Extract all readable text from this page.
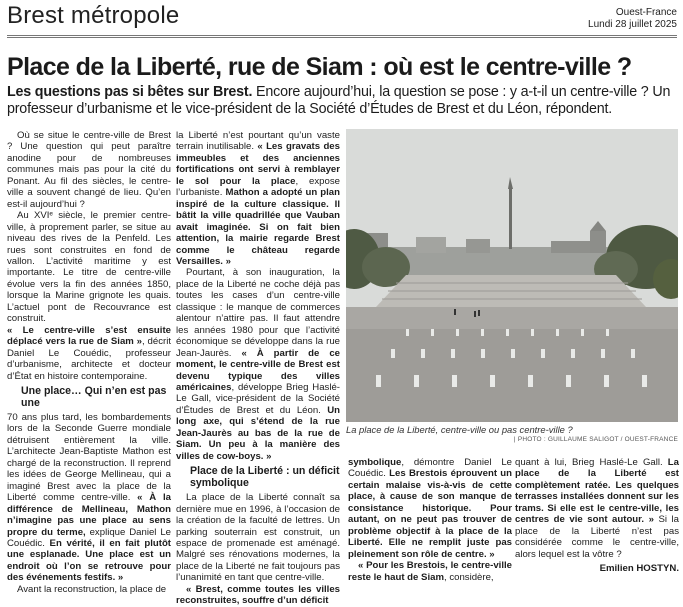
Brest métropole	Ouest-France
Lundi 28 juillet 2025
Place de la Liberté, rue de Siam : où est le centre-ville ?

Les questions pas si bêtes sur Brest. Encore aujourd’hui, la question se pose : y a-t-il un centre-ville ? Un professeur d’urbanisme et le vice-président de la Société d’Études de Brest et du Léon, répondent.

Où se situe le centre-ville de Brest ? Une question qui peut paraître anodine pour de nombreuses communes mais pas pour la cité du Ponant. Au fil des siècles, le centre-ville a souvent changé de lieu. Qu’en est-il aujourd’hui ?

Au XVIᵉ siècle, le premier centre-ville, à proprement parler, se situe au niveau des rives de la Penfeld. Les rues sont construites en fond de vallon. L’activité maritime y est importante. Le titre de centre-ville évolue vers la fin des années 1850, lorsque la Marine grignote les quais. L’actuel pont de Recouvrance est construit.

« Le centre-ville s’est ensuite déplacé vers la rue de Siam », décrit Daniel Le Couédic, professeur d’urbanisme, architecte et docteur d’État en histoire contemporaine.

Une place… Qui n’en est pas une

70 ans plus tard, les bombardements lors de la Seconde Guerre mondiale détruisent entièrement la ville. L’architecte Jean-Baptiste Mathon est chargé de la reconstruction. Il reprend les idées de George Mellineau, qui a imaginé Brest avec la place de la Liberté comme centre-ville. « À la différence de Mellineau, Mathon n’imagine pas une place au sens propre du terme, explique Daniel Le Couédic. En vérité, il en fait plutôt une esplanade. Une place est un endroit où l’on se retrouve pour des événements festifs. »

Avant la reconstruction, la place de

la Liberté n’est pourtant qu’un vaste terrain inutilisable. « Les gravats des immeubles et des anciennes fortifications ont servi à remblayer le sol pour la place, expose l’urbaniste. Mathon a adopté un plan inspiré de la culture classique. Il bâtit la ville quadrillée que Vauban avait imaginée. Si on fait bien attention, la mairie regarde Brest comme le château regarde Versailles. »

Pourtant, à son inauguration, la place de la Liberté ne coche déjà pas toutes les cases d’un centre-ville classique : le manque de commerces alentour n’attire pas. Il faut attendre les années 1980 pour que l’activité économique se développe dans la rue Jean-Jaurès. « À partir de ce moment, le centre-ville de Brest est devenu typique des villes américaines, développe Brieg Haslé-Le Gall, vice-président de la Société d’Études de Brest et du Léon. Un long axe, qui s’étend de la rue Jean-Jaurès au bas de la rue de Siam. Un peu à la manière des villes de cow-boys. »

Place de la Liberté : un déficit symbolique

La place de la Liberté connaît sa dernière mue en 1996, à l’occasion de la création de la faculté de lettres. Un parking souterrain est construit, un espace de promenade est aménagé. Malgré ses rénovations modernes, la place de la Liberté ne fait toujours pas l’unanimité en tant que centre-ville.

« Brest, comme toutes les villes reconstruites, souffre d’un déficit

La place de la Liberté, centre-ville ou pas centre-ville ?
| PHOTO : GUILLAUME SALIGOT / OUEST-FRANCE

symbolique, démontre Daniel Le Couédic. Les Brestois éprouvent un certain malaise vis-à-vis de cette place, à cause de son manque de consistance historique. Pour autant, on ne peut pas trouver de problème objectif à la place de la Liberté. Elle ne remplit juste pas pleinement son rôle de centre. »

« Pour les Brestois, le centre-ville reste le haut de Siam, considère,

quant à lui, Brieg Haslé-Le Gall. La place de la Liberté est complètement ratée. Les quelques terrasses installées donnent sur les trams. Si elle est le centre-ville, les centres de vie sont autour. » Si la place de la Liberté n’est pas considérée comme le centre-ville, alors lequel est la vôtre ?

Emilien HOSTYN.
